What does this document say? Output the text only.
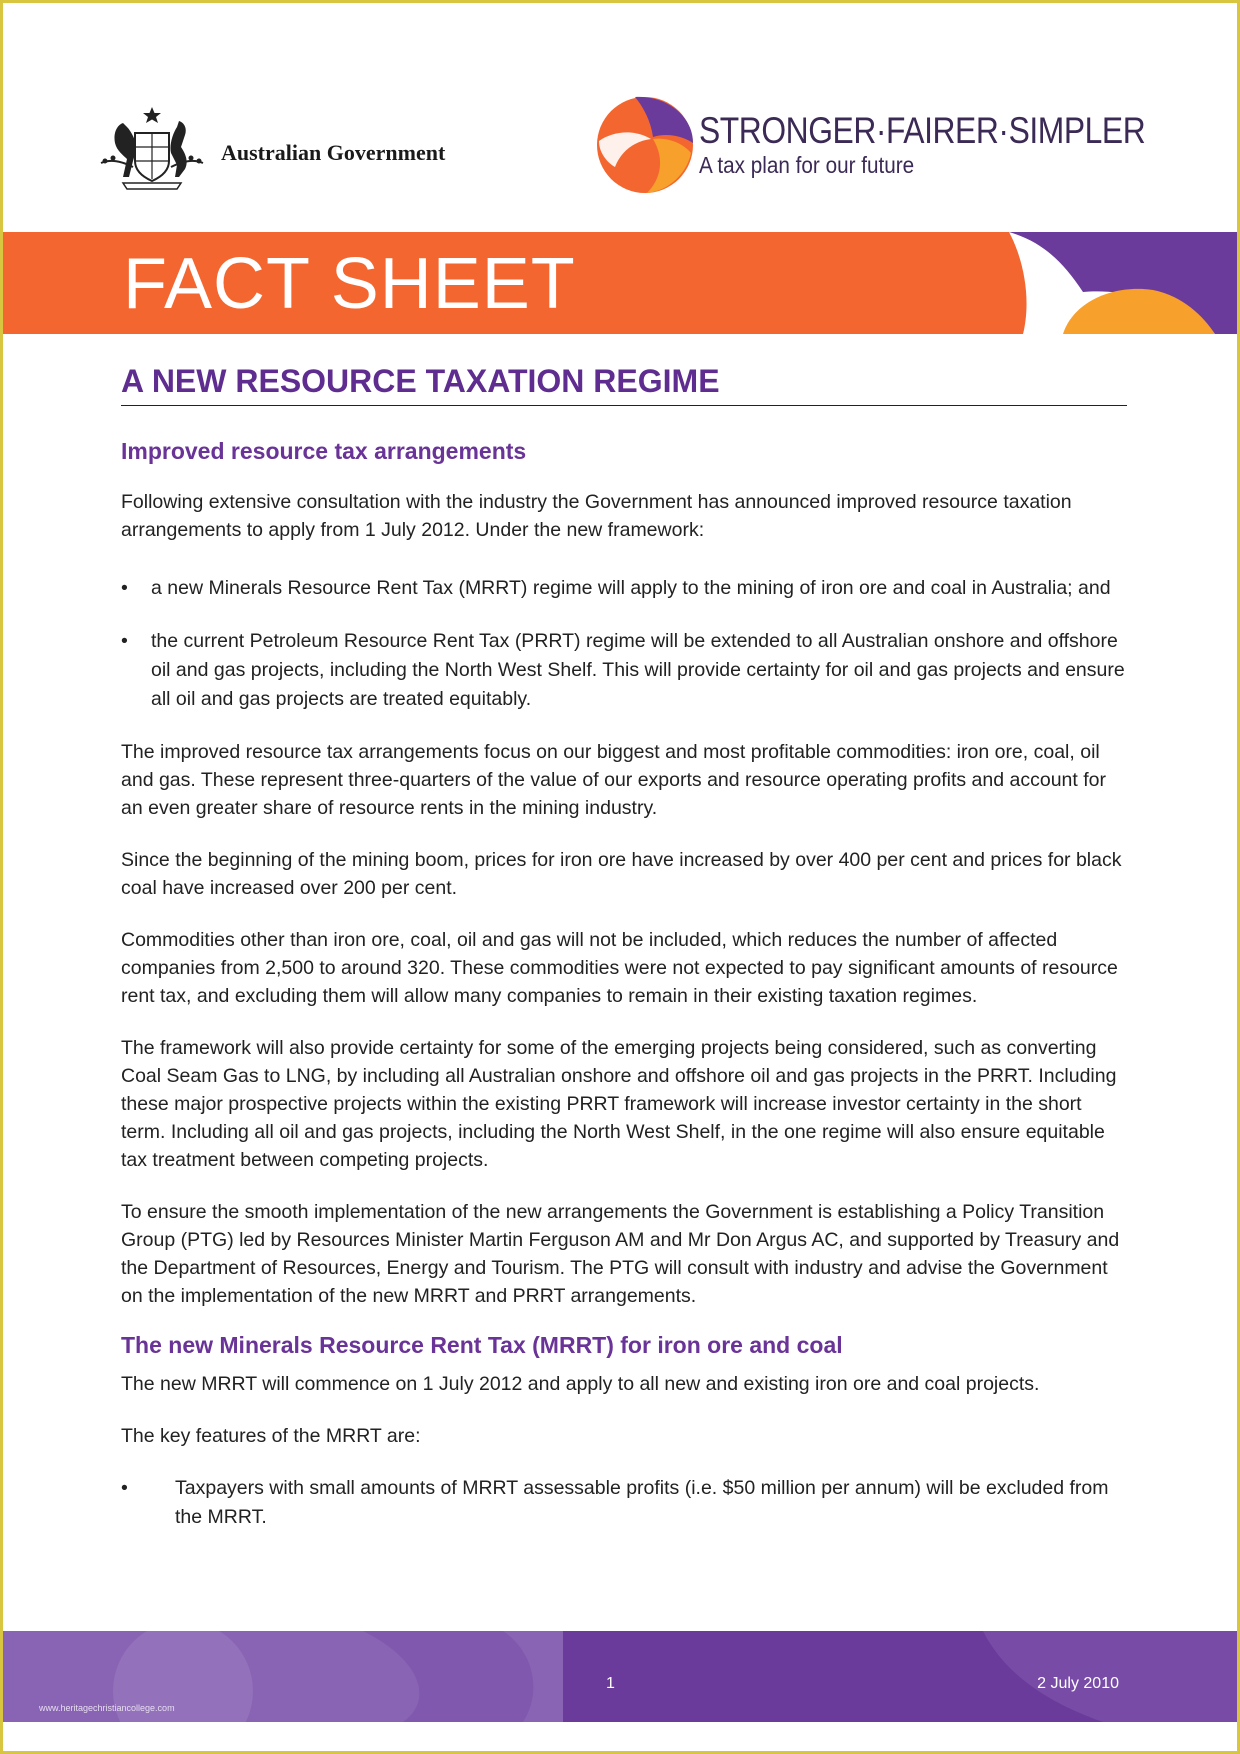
Australian Government
STRONGER·FAIRER·SIMPLER
A tax plan for our future
FACT SHEET
A NEW RESOURCE TAXATION REGIME
Improved resource tax arrangements

Following extensive consultation with the industry the Government has announced improved resource taxation arrangements to apply from 1 July 2012. Under the new framework:

• a new Minerals Resource Rent Tax (MRRT) regime will apply to the mining of iron ore and coal in Australia; and
• the current Petroleum Resource Rent Tax (PRRT) regime will be extended to all Australian onshore and offshore oil and gas projects, including the North West Shelf. This will provide certainty for oil and gas projects and ensure all oil and gas projects are treated equitably.

The improved resource tax arrangements focus on our biggest and most profitable commodities: iron ore, coal, oil and gas. These represent three-quarters of the value of our exports and resource operating profits and account for an even greater share of resource rents in the mining industry.

Since the beginning of the mining boom, prices for iron ore have increased by over 400 per cent and prices for black coal have increased over 200 per cent.

Commodities other than iron ore, coal, oil and gas will not be included, which reduces the number of affected companies from 2,500 to around 320. These commodities were not expected to pay significant amounts of resource rent tax, and excluding them will allow many companies to remain in their existing taxation regimes.

The framework will also provide certainty for some of the emerging projects being considered, such as converting Coal Seam Gas to LNG, by including all Australian onshore and offshore oil and gas projects in the PRRT. Including these major prospective projects within the existing PRRT framework will increase investor certainty in the short term. Including all oil and gas projects, including the North West Shelf, in the one regime will also ensure equitable tax treatment between competing projects.

To ensure the smooth implementation of the new arrangements the Government is establishing a Policy Transition Group (PTG) led by Resources Minister Martin Ferguson AM and Mr Don Argus AC, and supported by Treasury and the Department of Resources, Energy and Tourism. The PTG will consult with industry and advise the Government on the implementation of the new MRRT and PRRT arrangements.

The new Minerals Resource Rent Tax (MRRT) for iron ore and coal

The new MRRT will commence on 1 July 2012 and apply to all new and existing iron ore and coal projects.

The key features of the MRRT are:

• Taxpayers with small amounts of MRRT assessable profits (i.e. $50 million per annum) will be excluded from the MRRT.
1	2 July 2010
www.heritagechristiancollege.com
